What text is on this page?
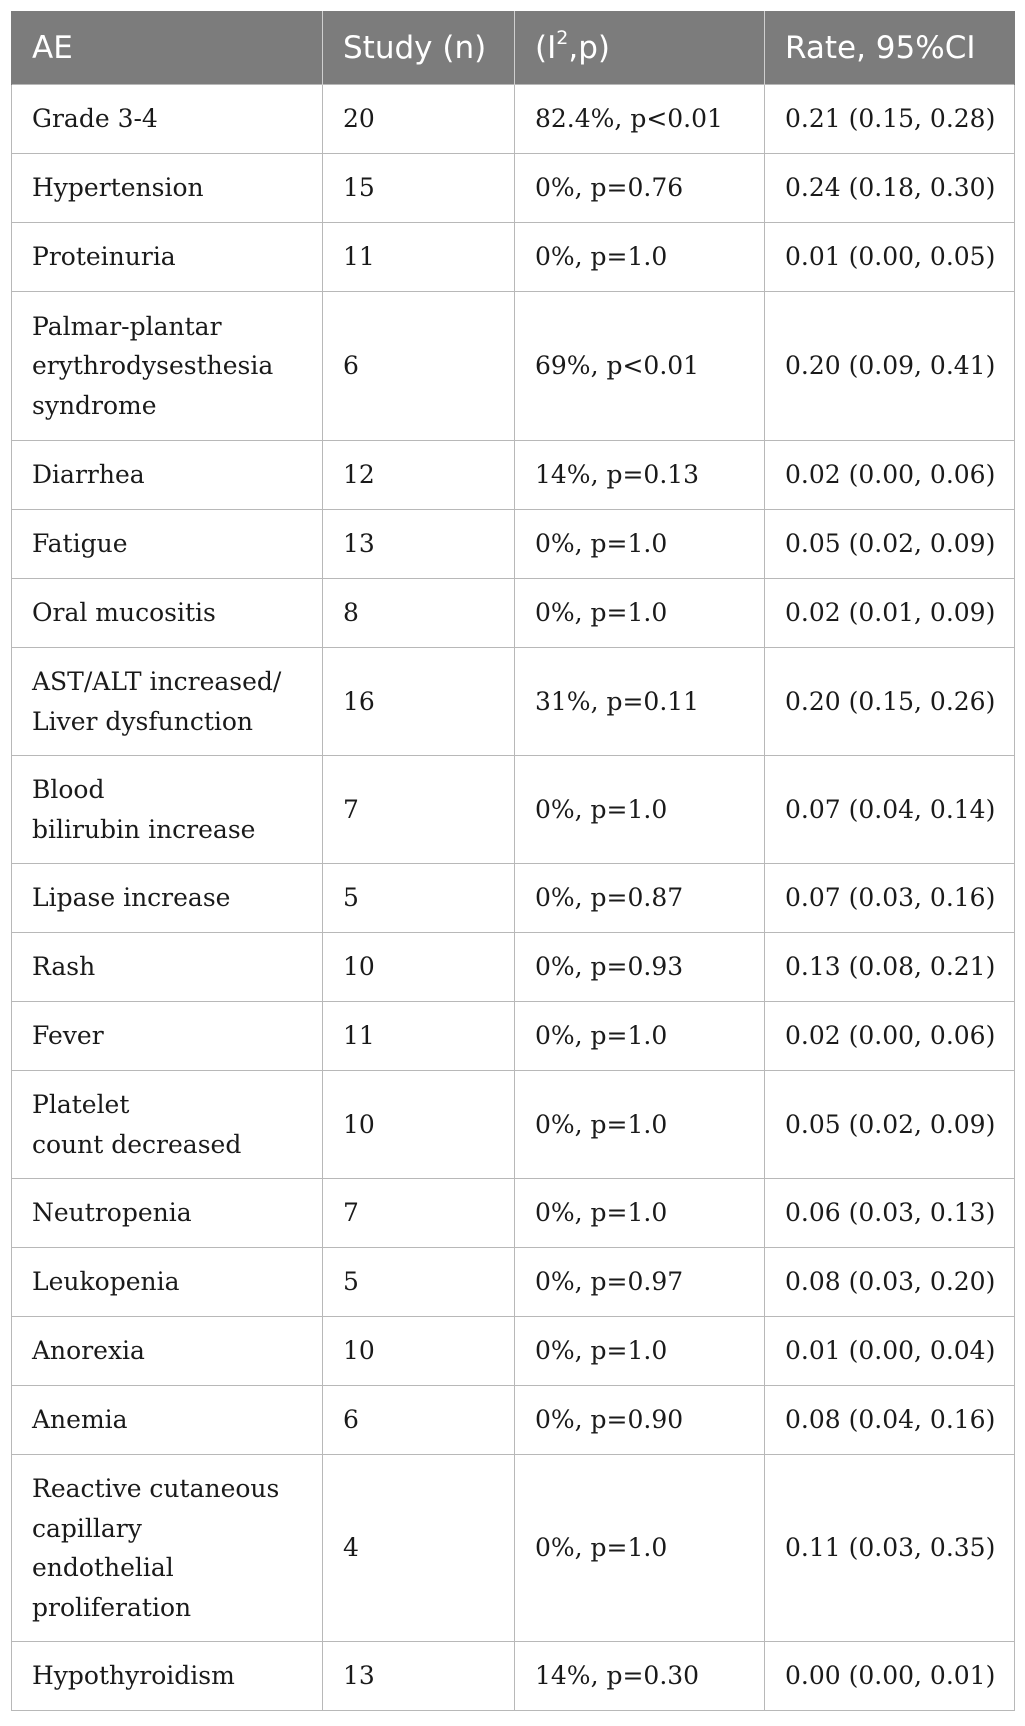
AE	Study (n)	$(I^2,p)$	Rate, 95%CI
Grade 3-4	20	82.4%, p<0.01	0.21 (0.15, 0.28)
Hypertension	15	0%, p=0.76	0.24 (0.18, 0.30)
Proteinuria	11	0%, p=1.0	0.01 (0.00, 0.05)
Palmar-plantar
erythrodysesthesia
syndrome	6	69%, p<0.01	0.20 (0.09, 0.41)
Diarrhea	12	14%, p=0.13	0.02 (0.00, 0.06)
Fatigue	13	0%, p=1.0	0.05 (0.02, 0.09)
Oral mucositis	8	0%, p=1.0	0.02 (0.01, 0.09)
AST/ALT increased/
Liver dysfunction	16	31%, p=0.11	0.20 (0.15, 0.26)
Blood
bilirubin increase	7	0%, p=1.0	0.07 (0.04, 0.14)
Lipase increase	5	0%, p=0.87	0.07 (0.03, 0.16)
Rash	10	0%, p=0.93	0.13 (0.08, 0.21)
Fever	11	0%, p=1.0	0.02 (0.00, 0.06)
Platelet
count decreased	10	0%, p=1.0	0.05 (0.02, 0.09)
Neutropenia	7	0%, p=1.0	0.06 (0.03, 0.13)
Leukopenia	5	0%, p=0.97	0.08 (0.03, 0.20)
Anorexia	10	0%, p=1.0	0.01 (0.00, 0.04)
Anemia	6	0%, p=0.90	0.08 (0.04, 0.16)
Reactive cutaneous
capillary
endothelial
proliferation	4	0%, p=1.0	0.11 (0.03, 0.35)
Hypothyroidism	13	14%, p=0.30	0.00 (0.00, 0.01)
